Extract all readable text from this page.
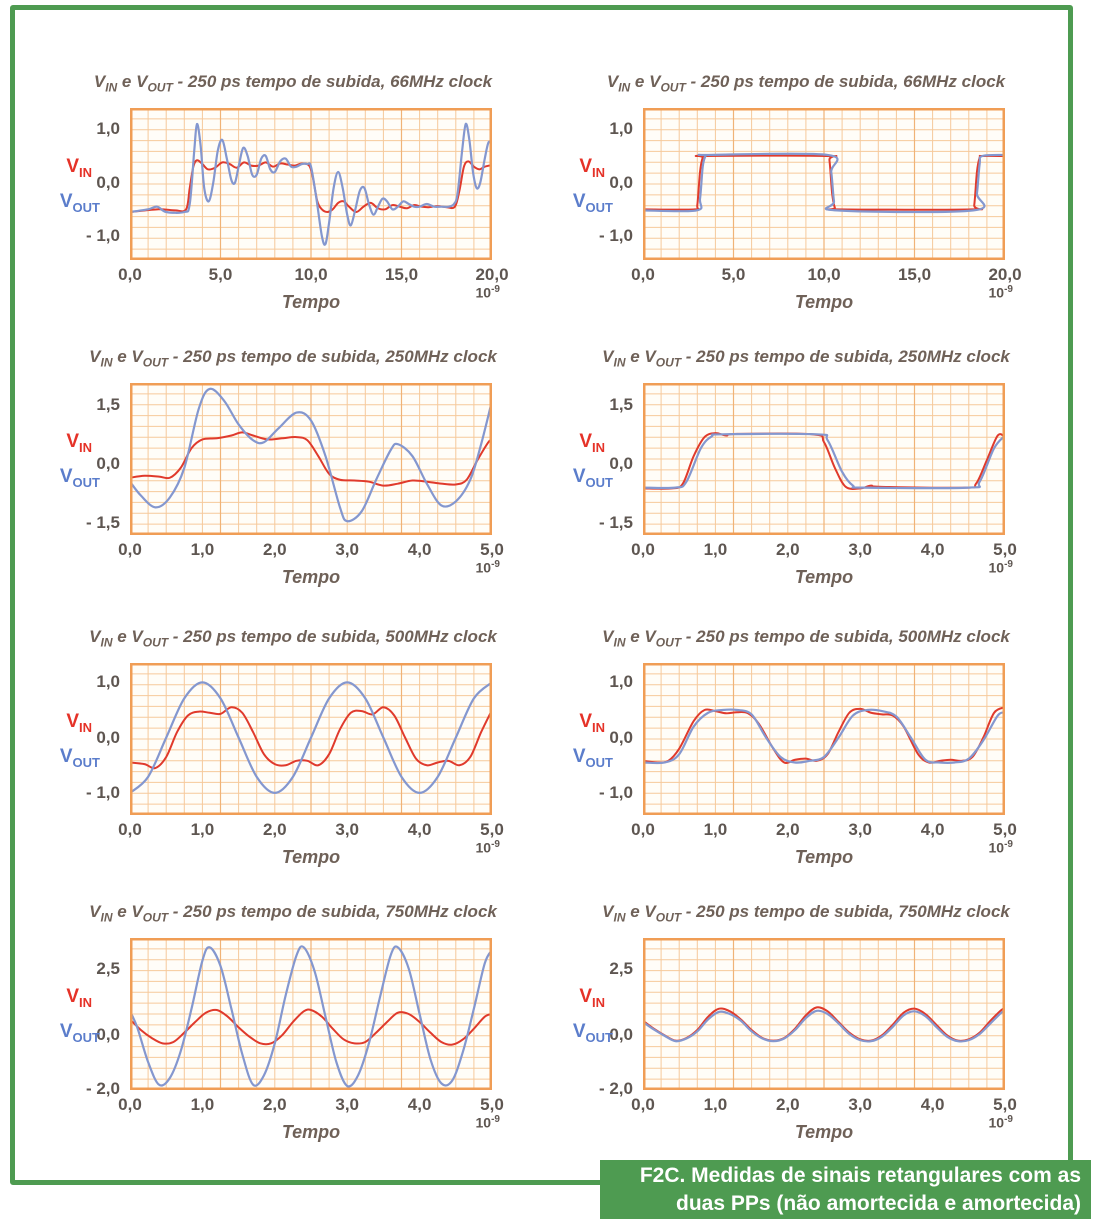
$V_{IN}$ e $V_{OUT} - 250$ ps tempo de subida, 66MHz clock
1,0
0,0
- 1,0
$V_{IN}$
$V_{OUT}$
0,0	5,0	10,0	15,0	20,0
Tempo	$10^{-9}$
$V_{IN}$ e $V_{OUT} - 250$ ps tempo de subida, 66MHz clock
1,0
0,0
- 1,0
$V_{IN}$
$V_{OUT}$
0,0	5,0	10,0	15,0	20,0
Tempo	$10^{-9}$
$V_{IN}$ e $V_{OUT} - 250$ ps tempo de subida, 250MHz clock
1,5
0,0
- 1,5
$V_{IN}$
$V_{OUT}$
0,0	1,0	2,0	3,0	4,0	5,0
Tempo	$10^{-9}$
$V_{IN}$ e $V_{OUT} - 250$ ps tempo de subida, 250MHz clock
1,5
0,0
- 1,5
$V_{IN}$
$V_{OUT}$
0,0	1,0	2,0	3,0	4,0	5,0
Tempo	$10^{-9}$
$V_{IN}$ e $V_{OUT} - 250$ ps tempo de subida, 500MHz clock
1,0
0,0
- 1,0
$V_{IN}$
$V_{OUT}$
0,0	1,0	2,0	3,0	4,0	5,0
Tempo	$10^{-9}$
$V_{IN}$ e $V_{OUT} - 250$ ps tempo de subida, 500MHz clock
1,0
0,0
- 1,0
$V_{IN}$
$V_{OUT}$
0,0	1,0	2,0	3,0	4,0	5,0
Tempo	$10^{-9}$
$V_{IN}$ e $V_{OUT} - 250$ ps tempo de subida, 750MHz clock
2,5
0,0
- 2,0
$V_{IN}$
$V_{OUT}$
0,0	1,0	2,0	3,0	4,0	5,0
Tempo	$10^{-9}$
$V_{IN}$ e $V_{OUT} - 250$ ps tempo de subida, 750MHz clock
2,5
0,0
- 2,0
$V_{IN}$
$V_{OUT}$
0,0	1,0	2,0	3,0	4,0	5,0
Tempo	$10^{-9}$
F2C. Medidas de sinais retangulares com as
duas PPs (não amortecida e amortecida)
